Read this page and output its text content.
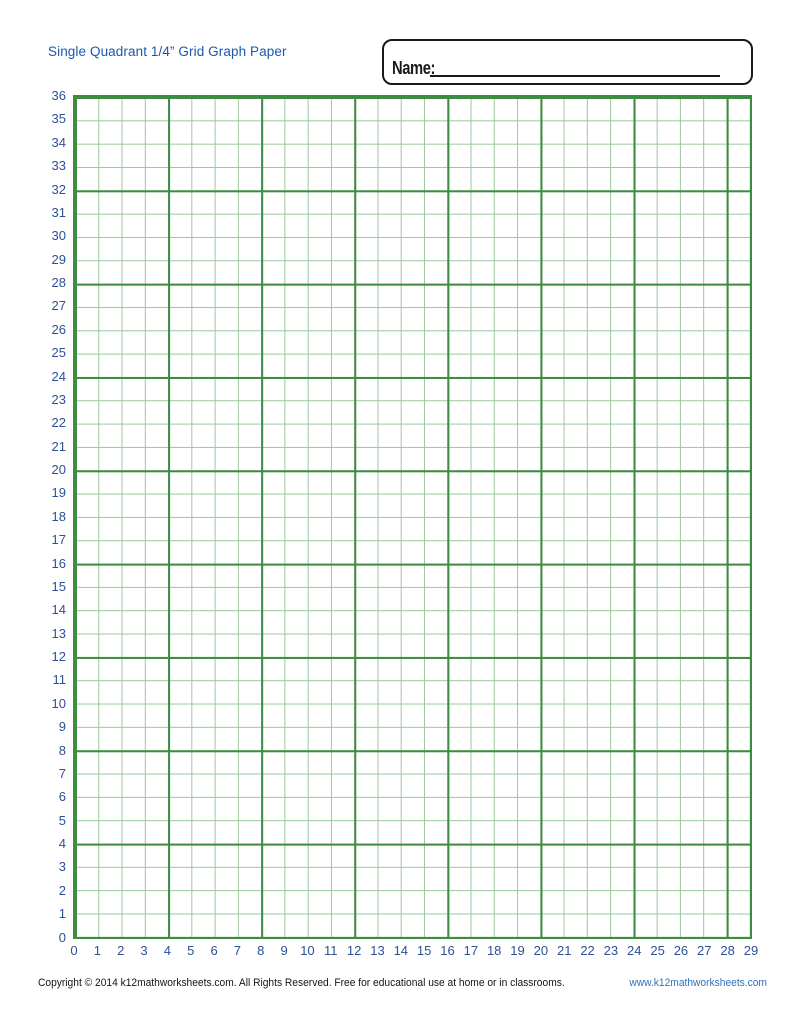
Single Quadrant 1/4” Grid Graph Paper
Name:
36
35
34
33
32
31
30
29
28
27
26
25
24
23
22
21
20
19
18
17
16
15
14
13
12
11
10
9
8
7
6
5
4
3
2
1
0
0	1	2	3	4	5	6	7	8	9 10 11 12 13 14 15 16 17 18 19 20 21 22 23 24 25 26 27 28 29
Copyright © 2014 k12mathworksheets.com. All Rights Reserved. Free for educational use at home or in classrooms.	www.k12mathworksheets.com
